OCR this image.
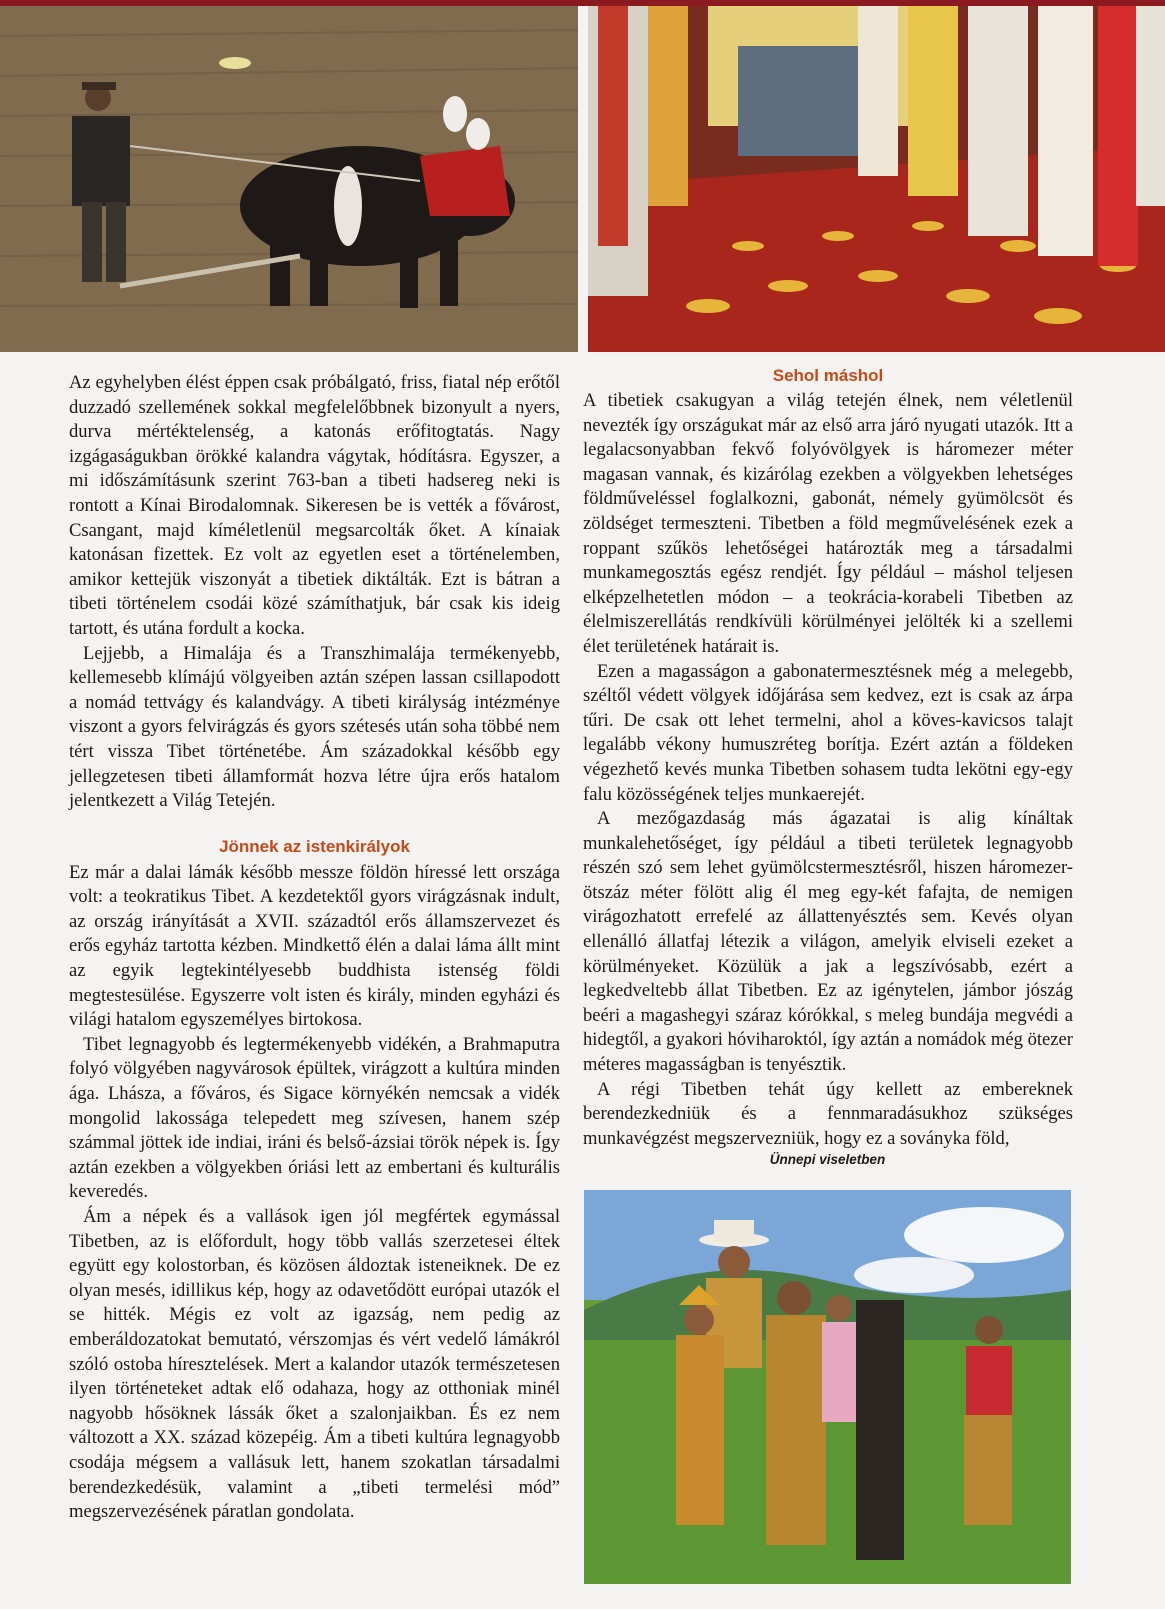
Az egyhelyben élést éppen csak próbálgató, friss, fiatal nép erőtől duzzadó szellemének sokkal megfelelőbbnek bizonyult a nyers, durva mértéktelenség, a katonás erőfitogtatás. Nagy izgágaságukban örökké kalandra vágytak, hódításra. Egyszer, a mi időszámításunk szerint 763-ban a tibeti hadsereg neki is rontott a Kínai Birodalomnak. Sikeresen be is vették a fővárost, Csangant, majd kíméletlenül megsarcolták őket. A kínaiak katonásan fizettek. Ez volt az egyetlen eset a történelemben, amikor kettejük viszonyát a tibetiek diktálták. Ezt is bátran a tibeti történelem csodái közé számíthatjuk, bár csak kis ideig tartott, és utána fordult a kocka.

Lejjebb, a Himalája és a Transzhimalája termékenyebb, kellemesebb klímájú völgyeiben aztán szépen lassan csillapodott a nomád tettvágy és kalandvágy. A tibeti királyság intézménye viszont a gyors felvirágzás és gyors szétesés után soha többé nem tért vissza Tibet történetébe. Ám századokkal később egy jellegzetesen tibeti államformát hozva létre újra erős hatalom jelentkezett a Világ Tetején.

Jönnek az istenkirályok

Ez már a dalai lámák később messze földön híressé lett országa volt: a teokratikus Tibet. A kezdetektől gyors virágzásnak indult, az ország irányítását a XVII. századtól erős államszervezet és erős egyház tartotta kézben. Mindkettő élén a dalai láma állt mint az egyik legtekintélyesebb buddhista istenség földi megtestesülése. Egyszerre volt isten és király, minden egyházi és világi hatalom egyszemélyes birtokosa.

Tibet legnagyobb és legtermékenyebb vidékén, a Brahmaputra folyó völgyében nagyvárosok épültek, virágzott a kultúra minden ága. Lhásza, a főváros, és Sigace környékén nemcsak a vidék mongolid lakossága telepedett meg szívesen, hanem szép számmal jöttek ide indiai, iráni és belső-ázsiai török népek is. Így aztán ezekben a völgyekben óriási lett az embertani és kulturális keveredés.

Ám a népek és a vallások igen jól megfértek egymással Tibetben, az is előfordult, hogy több vallás szerzetesei éltek együtt egy kolostorban, és közösen áldoztak isteneiknek. De ez olyan mesés, idillikus kép, hogy az odavetődött európai utazók el se hitték. Mégis ez volt az igazság, nem pedig az emberáldozatokat bemutató, vérszomjas és vért vedelő lámákról szóló ostoba híresztelések. Mert a kalandor utazók természetesen ilyen történeteket adtak elő odahaza, hogy az otthoniak minél nagyobb hősöknek lássák őket a szalonjaikban. És ez nem változott a XX. század közepéig. Ám a tibeti kultúra legnagyobb csodája mégsem a vallásuk lett, hanem szokatlan társadalmi berendezkedésük, valamint a „tibeti termelési mód” megszervezésének páratlan gondolata.

Sehol máshol

A tibetiek csakugyan a világ tetején élnek, nem véletlenül nevezték így országukat már az első arra járó nyugati utazók. Itt a legalacsonyabban fekvő folyóvölgyek is háromezer méter magasan vannak, és kizárólag ezekben a völgyekben lehetséges földműveléssel foglalkozni, gabonát, némely gyümölcsöt és zöldséget termeszteni. Tibetben a föld megművelésének ezek a roppant szűkös lehetőségei határozták meg a társadalmi munkamegosztás egész rendjét. Így például – máshol teljesen elképzelhetetlen módon – a teokrácia-korabeli Tibetben az élelmiszerellátás rendkívüli körülményei jelölték ki a szellemi élet területének határait is.

Ezen a magasságon a gabonatermesztésnek még a melegebb, széltől védett völgyek időjárása sem kedvez, ezt is csak az árpa tűri. De csak ott lehet termelni, ahol a köves-kavicsos talajt legalább vékony humuszréteg borítja. Ezért aztán a földeken végezhető kevés munka Tibetben sohasem tudta lekötni egy-egy falu közösségének teljes munkaerejét.

A mezőgazdaság más ágazatai is alig kínáltak munkalehetőséget, így például a tibeti területek legnagyobb részén szó sem lehet gyümölcstermesztésről, hiszen háromezer-ötszáz méter fölött alig él meg egy-két fafajta, de nemigen virágozhatott errefelé az állattenyésztés sem. Kevés olyan ellenálló állatfaj létezik a világon, amelyik elviseli ezeket a körülményeket. Közülük a jak a legszívósabb, ezért a legkedveltebb állat Tibetben. Ez az igénytelen, jámbor jószág beéri a magashegyi száraz kórókkal, s meleg bundája megvédi a hidegtől, a gyakori hóviharoktól, így aztán a nomádok még ötezer méteres magasságban is tenyésztik.

A régi Tibetben tehát úgy kellett az embereknek berendezkedniük és a fennmaradásukhoz szükséges munkavégzést megszervezniük, hogy ez a soványka föld,

Ünnepi viseletben
